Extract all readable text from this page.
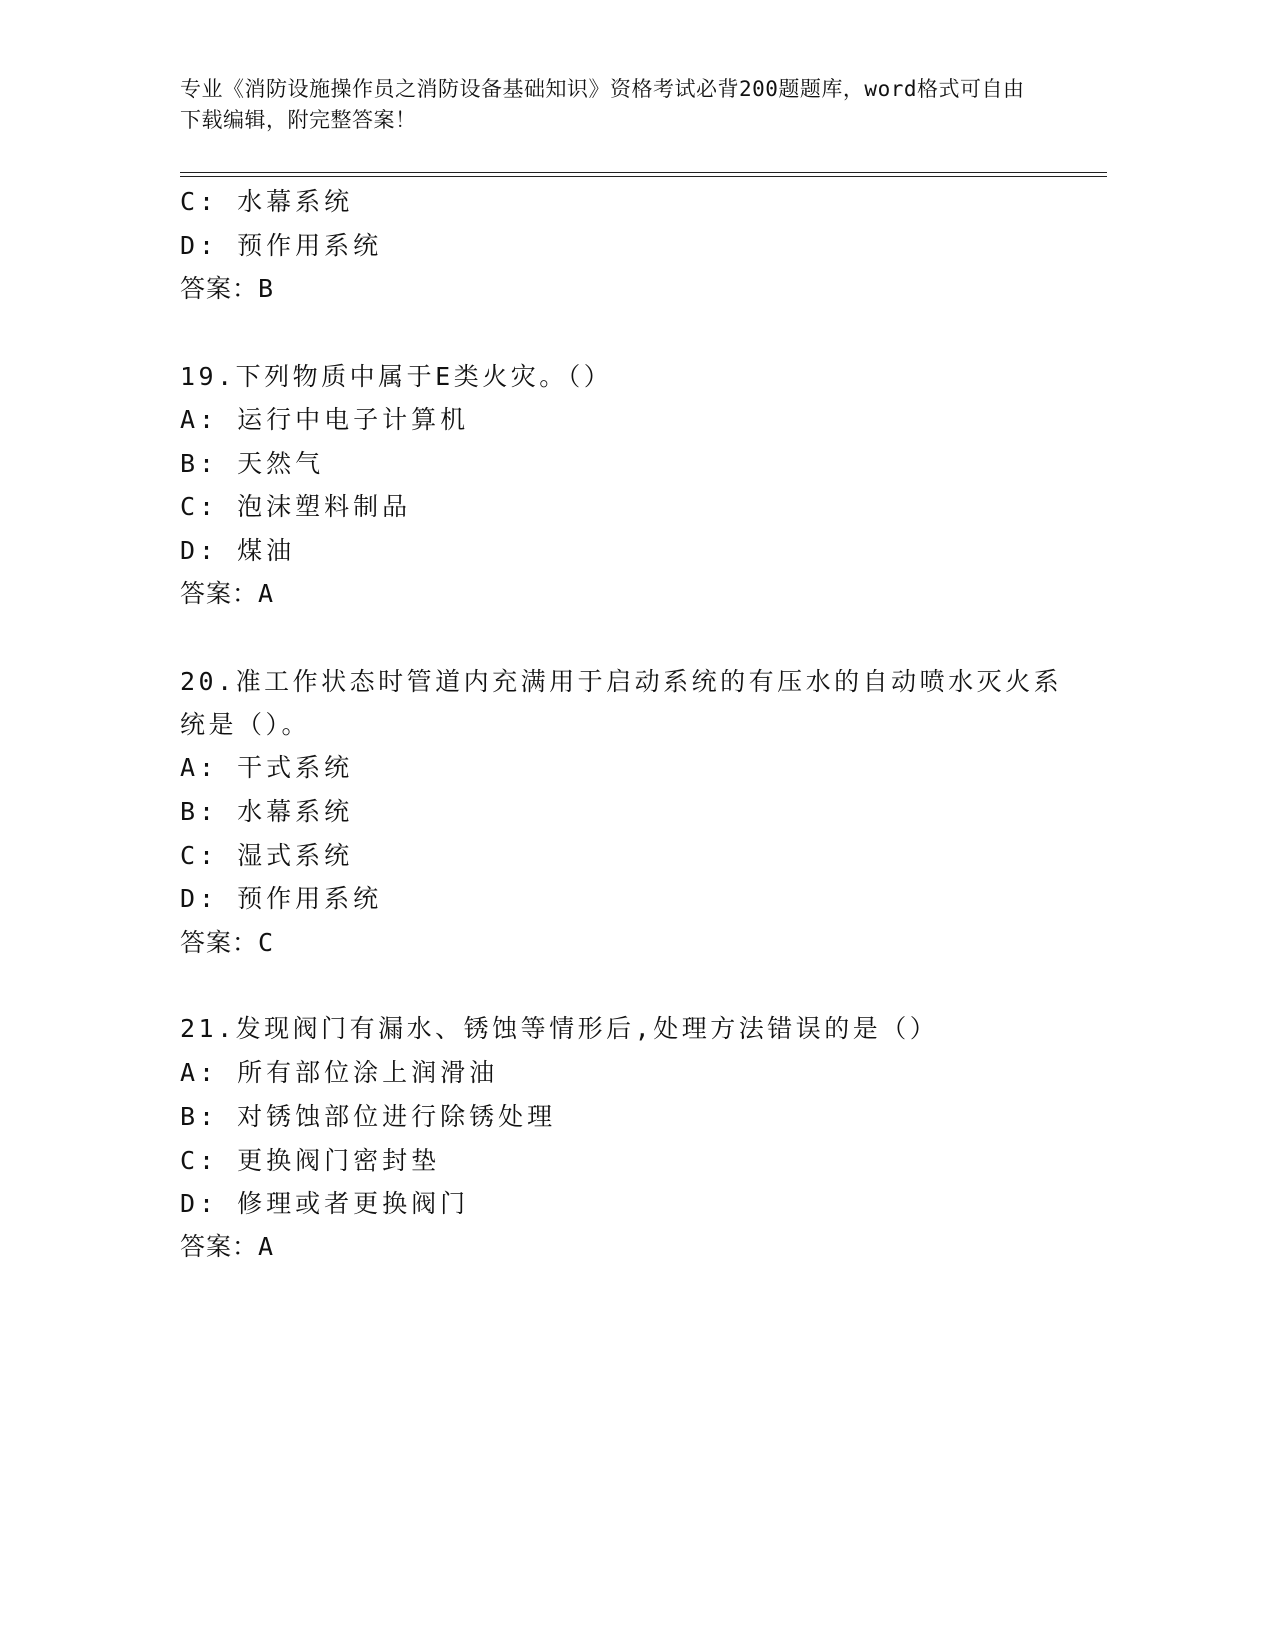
专业《消防设施操作员之消防设备基础知识》资格考试必背200题题库，word格式可自由下载编辑，附完整答案！
C: 水幕系统
D: 预作用系统
答案：B
19.下列物质中属于E类火灾。（）
A: 运行中电子计算机
B: 天然气
C: 泡沫塑料制品
D: 煤油
答案：A
20.准工作状态时管道内充满用于启动系统的有压水的自动喷水灭火系
统是（）。
A: 干式系统
B: 水幕系统
C: 湿式系统
D: 预作用系统
答案：C
21.发现阀门有漏水、锈蚀等情形后,处理方法错误的是（）
A: 所有部位涂上润滑油
B: 对锈蚀部位进行除锈处理
C: 更换阀门密封垫
D: 修理或者更换阀门
答案：A
